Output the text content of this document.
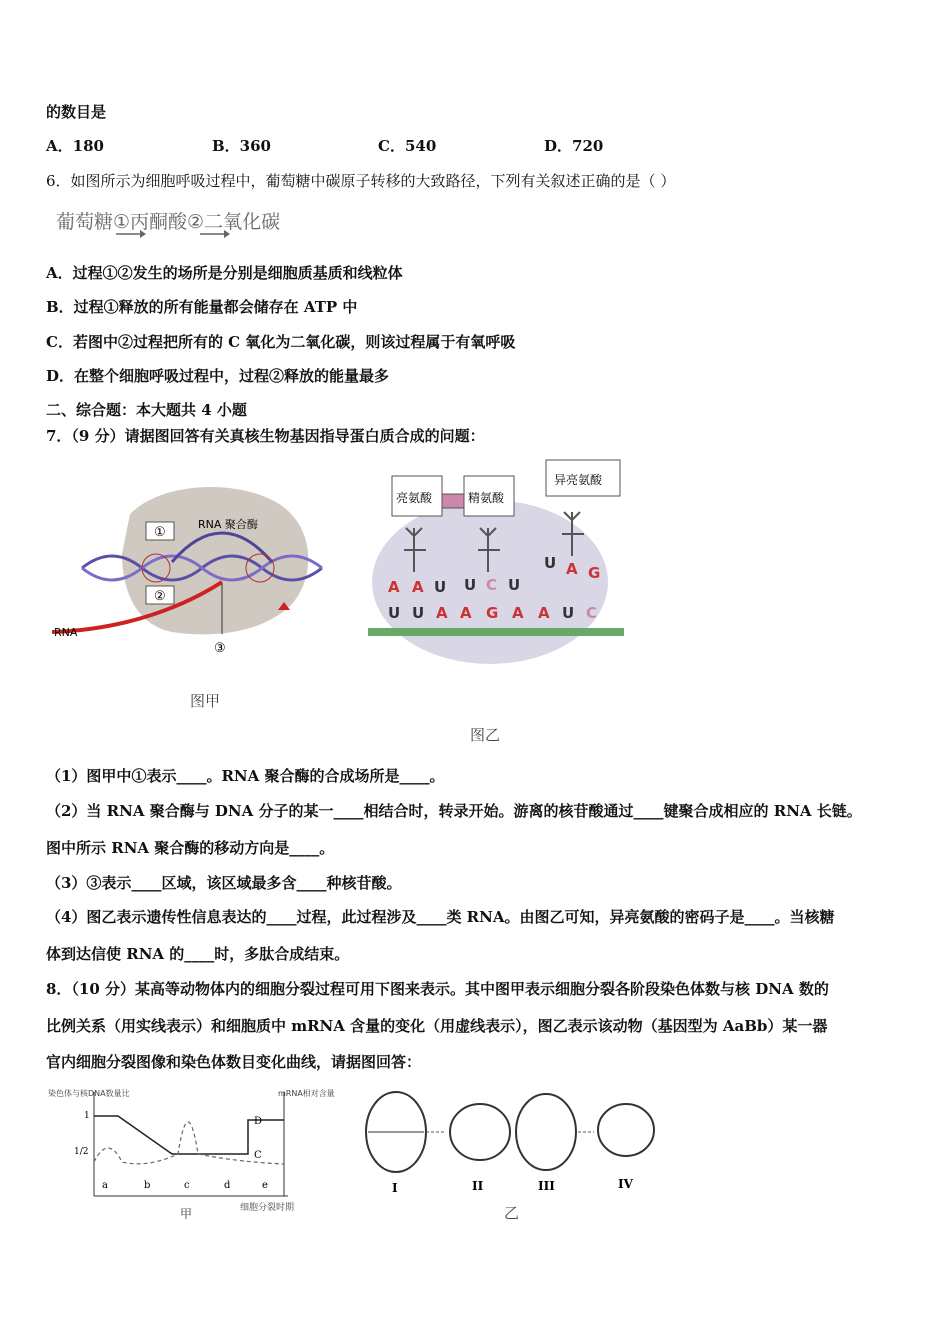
的数目是
A．180	B．360	C．540	D．720
6．如图所示为细胞呼吸过程中，葡萄糖中碳原子转移的大致路径，下列有关叙述正确的是（ ）
葡萄糖①丙酮酸②二氧化碳
A．过程①②发生的场所是分别是细胞质基质和线粒体
B．过程①释放的所有能量都会储存在 ATP 中
C．若图中②过程把所有的 C 氧化为二氧化碳，则该过程属于有氧呼吸
D．在整个细胞呼吸过程中，过程②释放的能量最多
二、综合题：本大题共 4 小题
7．（9 分）请据图回答有关真核生物基因指导蛋白质合成的问题：
①
②
③
RNA 聚合酶
RNA
图甲
亮氨酸	精氨酸
异亮氨酸
A A U U C U
U A G
U U A A G A A U C
图乙
（1）图甲中①表示____。RNA 聚合酶的合成场所是____。
（2）当 RNA 聚合酶与 DNA 分子的某一____相结合时，转录开始。游离的核苷酸通过____键聚合成相应的 RNA 长链。
图中所示 RNA 聚合酶的移动方向是____。
（3）③表示____区域，该区域最多含____种核苷酸。
（4）图乙表示遗传性信息表达的____过程，此过程涉及____类 RNA。由图乙可知，异亮氨酸的密码子是____。当核糖
体到达信使 RNA 的____时，多肽合成结束。
8．（10 分）某高等动物体内的细胞分裂过程可用下图来表示。其中图甲表示细胞分裂各阶段染色体数与核 DNA 数的
比例关系（用实线表示）和细胞质中 mRNA 含量的变化（用虚线表示），图乙表示该动物（基因型为 AaBb）某一器
官内细胞分裂图像和染色体数目变化曲线，请据图回答：
染色体与核DNA数量比	mRNA相对含量
1
1/2
D
C
a	b	c	d	e
细胞分裂时期
甲
I	II	III	IV
乙
